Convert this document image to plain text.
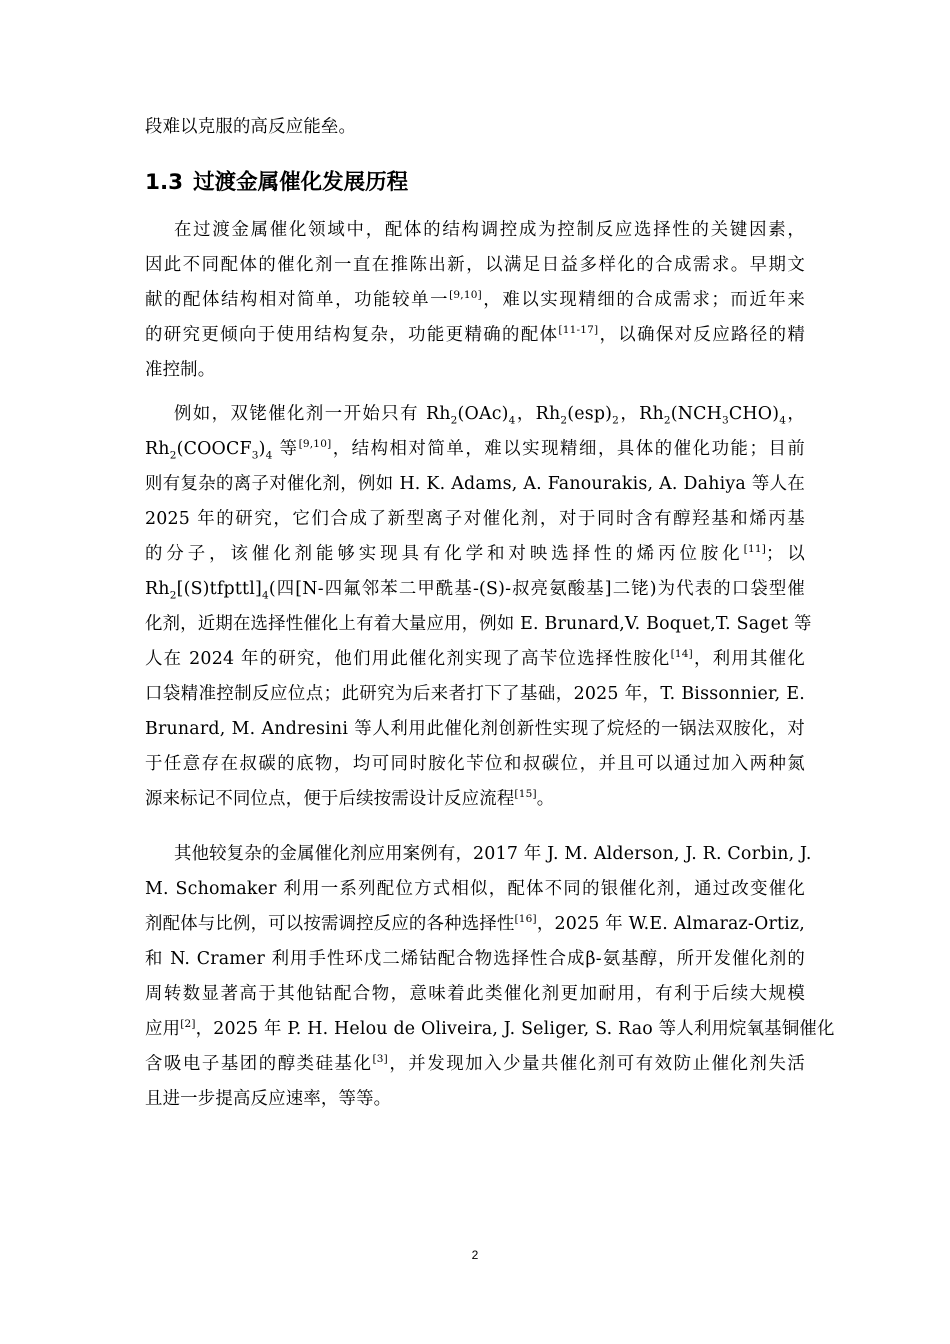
1.3 过渡金属催化发展历程
段难以克服的高反应能垒。
在过渡金属催化领域中，配体的结构调控成为控制反应选择性的关键因素，
因此不同配体的催化剂一直在推陈出新，以满足日益多样化的合成需求。早期文
献的配体结构相对简单，功能较单一[9,10]，难以实现精细的合成需求；而近年来
的研究更倾向于使用结构复杂，功能更精确的配体[11-17]，以确保对反应路径的精
准控制。
例如，双铑催化剂一开始只有 $Rh_2(OAc)_4$，$Rh_2(esp)_2$，$Rh_2(NCH_3CHO)_4$，
$Rh_2(COOCF_3)_4$ 等[9,10]，结构相对简单，难以实现精细，具体的催化功能；目前
则有复杂的离子对催化剂，例如 H. K. Adams, A. Fanourakis, A. Dahiya 等人在
2025 年的研究，它们合成了新型离子对催化剂，对于同时含有醇羟基和烯丙基
的分子，该催化剂能够实现具有化学和对映选择性的烯丙位胺化[11]；以
$Rh_2[(S)tfpttl]_4$(四[N-四氟邻苯二甲酰基-(S)-叔亮氨酸基]二铑)为代表的口袋型催
化剂，近期在选择性催化上有着大量应用，例如 E. Brunard,V. Boquet,T. Saget 等
人在 2024 年的研究，他们用此催化剂实现了高苄位选择性胺化[14]，利用其催化
口袋精准控制反应位点；此研究为后来者打下了基础，2025 年，T. Bissonnier, E.
Brunard, M. Andresini 等人利用此催化剂创新性实现了烷烃的一锅法双胺化，对
于任意存在叔碳的底物，均可同时胺化苄位和叔碳位，并且可以通过加入两种氮
源来标记不同位点，便于后续按需设计反应流程[15]。
其他较复杂的金属催化剂应用案例有，2017 年 J. M. Alderson, J. R. Corbin, J.
M. Schomaker 利用一系列配位方式相似，配体不同的银催化剂，通过改变催化
剂配体与比例，可以按需调控反应的各种选择性[16]，2025 年 W.E. Almaraz-Ortiz,
和 N. Cramer 利用手性环戊二烯钴配合物选择性合成β-氨基醇，所开发催化剂的
周转数显著高于其他钴配合物，意味着此类催化剂更加耐用，有利于后续大规模
应用[2]，2025 年 P. H. Helou de Oliveira, J. Seliger, S. Rao 等人利用烷氧基铜催化
含吸电子基团的醇类硅基化[3]，并发现加入少量共催化剂可有效防止催化剂失活
且进一步提高反应速率，等等。
2
